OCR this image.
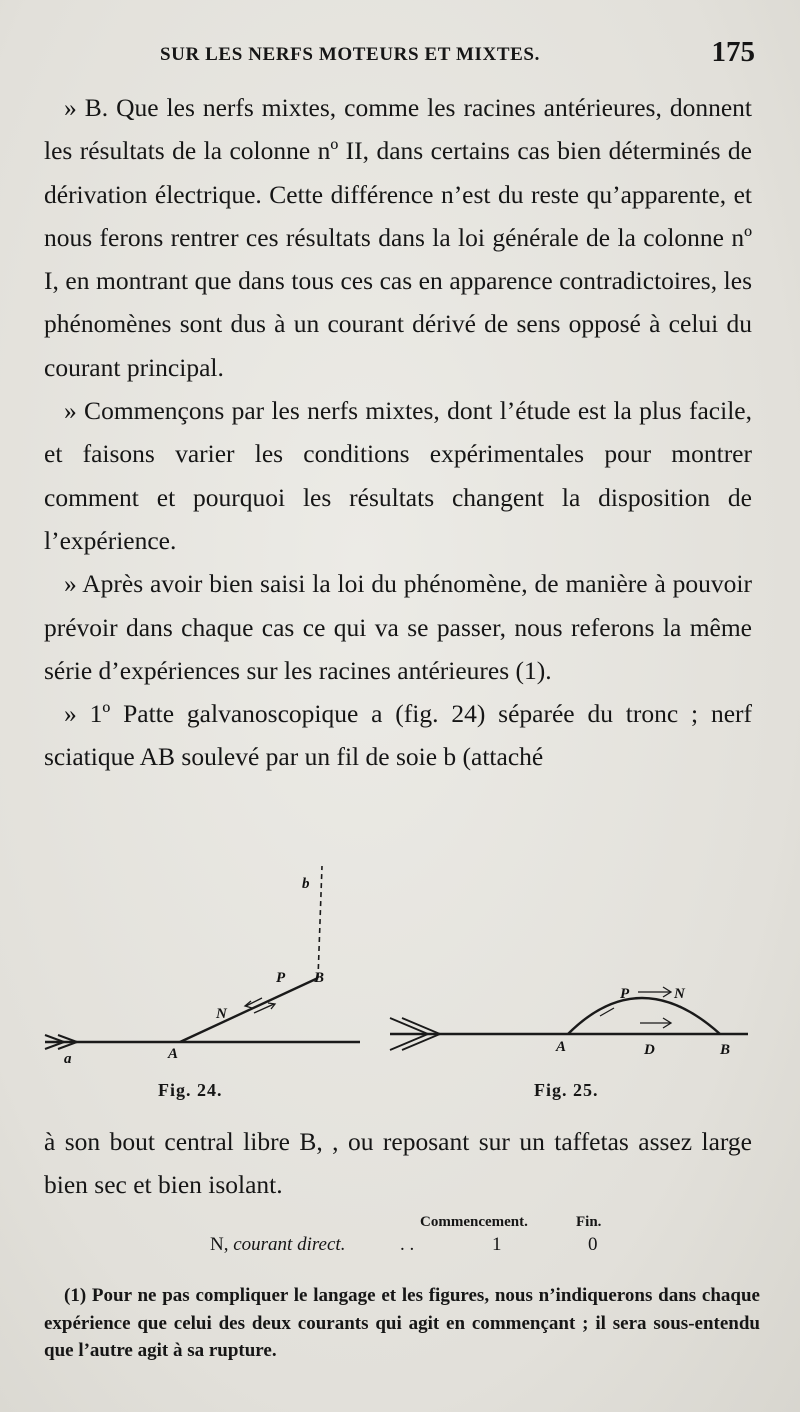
SUR LES NERFS MOTEURS ET MIXTES.	175

» B. Que les nerfs mixtes, comme les racines antérieures, donnent les résultats de la colonne nº II, dans certains cas bien déterminés de dérivation électrique. Cette différence n’est du reste qu’apparente, et nous ferons rentrer ces résultats dans la loi générale de la colonne nº I, en montrant que dans tous ces cas en apparence contradictoires, les phénomènes sont dus à un courant dérivé de sens opposé à celui du courant principal.

» Commençons par les nerfs mixtes, dont l’étude est la plus facile, et faisons varier les conditions expérimentales pour montrer comment et pourquoi les résultats changent la disposition de l’expérience.

» Après avoir bien saisi la loi du phénomène, de manière à pouvoir prévoir dans chaque cas ce qui va se passer, nous referons la même série d’expériences sur les racines antérieures (1).

» 1º Patte galvanoscopique a (fig. 24) séparée du tronc ; nerf sciatique AB soulevé par un fil de soie b (attaché

a	A
N
P B
b
A	D	B
P	N
Fig. 24.	Fig. 25.

à son bout central libre B, , ou reposant sur un taffetas assez large bien sec et bien isolant.

Commencement.	Fin.
N, courant direct.	. .	1	0

(1) Pour ne pas compliquer le langage et les figures, nous n’indiquerons dans chaque expérience que celui des deux courants qui agit en commençant ; il sera sous-entendu que l’autre agit à sa rupture.
